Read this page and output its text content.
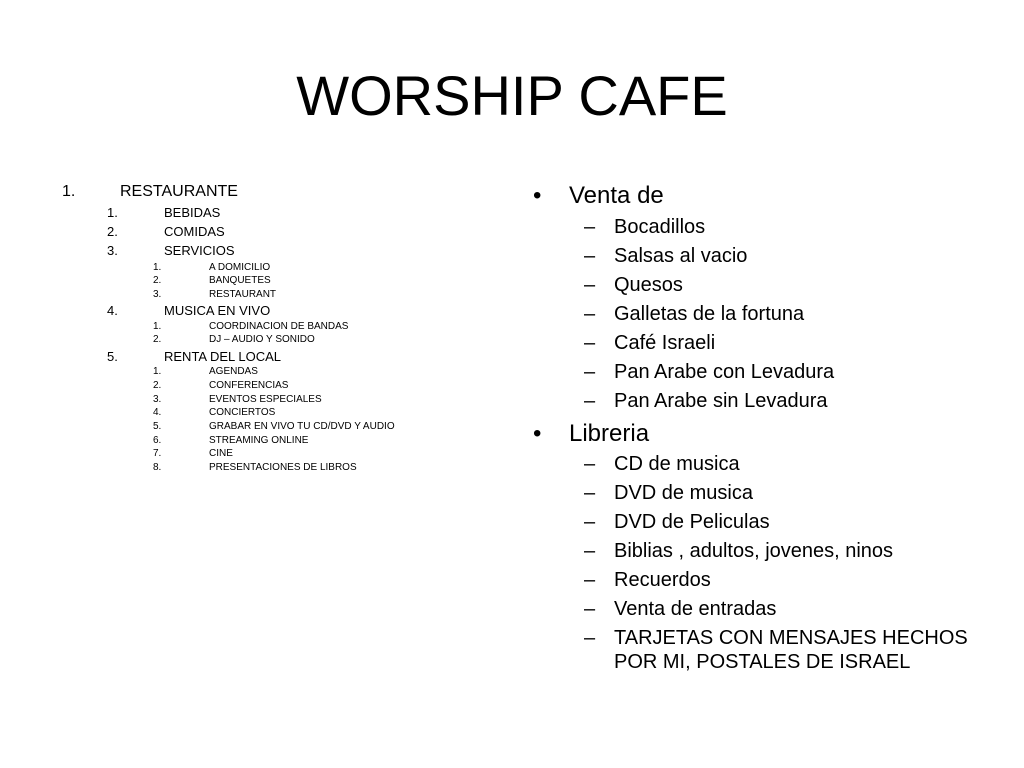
WORSHIP CAFE
1.	RESTAURANTE
1.	BEBIDAS
2.	COMIDAS
3.	SERVICIOS
1.	A DOMICILIO
2.	BANQUETES
3.	RESTAURANT
4.	MUSICA EN VIVO
1.	COORDINACION DE BANDAS
2.	DJ – AUDIO Y SONIDO
5.	RENTA DEL LOCAL
1.	AGENDAS
2.	CONFERENCIAS
3.	EVENTOS ESPECIALES
4.	CONCIERTOS
5.	GRABAR EN VIVO TU CD/DVD Y AUDIO
6.	STREAMING ONLINE
7.	CINE
8.	PRESENTACIONES DE LIBROS
• Venta de
– Bocadillos
– Salsas al vacio
– Quesos
– Galletas de la fortuna
– Café Israeli
– Pan Arabe con Levadura
– Pan Arabe sin Levadura
• Libreria
– CD de musica
– DVD de musica
– DVD de Peliculas
– Biblias , adultos, jovenes, ninos
– Recuerdos
– Venta de entradas
– TARJETAS CON MENSAJES HECHOS
POR MI, POSTALES DE ISRAEL
